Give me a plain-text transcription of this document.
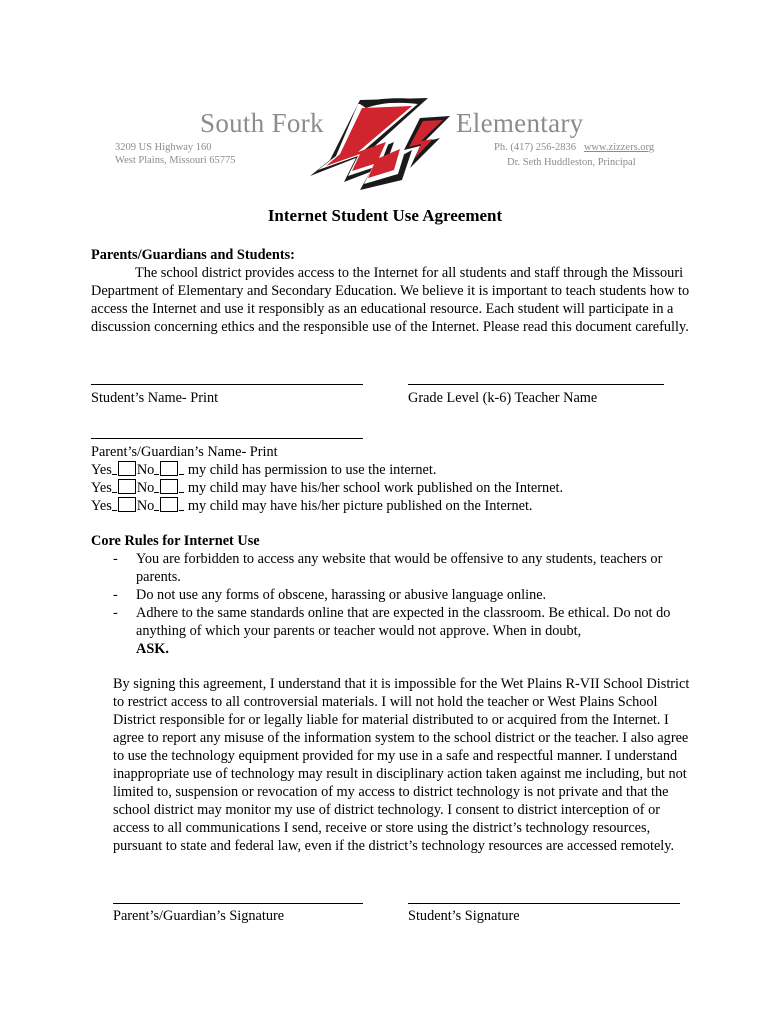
South Fork	Elementary
3209 US Highway 160
West Plains, Missouri 65775
Ph. (417) 256-2836 www.zizzers.org
Dr. Seth Huddleston, Principal
Internet Student Use Agreement
Parents/Guardians and Students:
The school district provides access to the Internet for all students and staff through the Missouri Department of Elementary and Secondary Education. We believe it is important to teach students how to access the Internet and use it responsibly as an educational resource. Each student will participate in a discussion concerning ethics and the responsible use of the Internet. Please read this document carefully.
Student’s Name- Print	Grade Level (k-6) Teacher Name
Parent’s/Guardian’s Name- Print
Yes No my child has permission to use the internet.
Yes No my child may have his/her school work published on the Internet.
Yes No my child may have his/her picture published on the Internet.
Core Rules for Internet Use
- You are forbidden to access any website that would be offensive to any students, teachers or parents.
- Do not use any forms of obscene, harassing or abusive language online.
- Adhere to the same standards online that are expected in the classroom. Be ethical. Do not do anything of which your parents or teacher would not approve. When in doubt,
ASK.
By signing this agreement, I understand that it is impossible for the Wet Plains R-VII School District to restrict access to all controversial materials. I will not hold the teacher or West Plains School District responsible for or legally liable for material distributed to or acquired from the Internet. I agree to report any misuse of the information system to the school district or the teacher. I also agree to use the technology equipment provided for my use in a safe and respectful manner. I understand inappropriate use of technology may result in disciplinary action taken against me including, but not limited to, suspension or revocation of my access to district technology is not private and that the school district may monitor my use of district technology. I consent to district interception of or access to all communications I send, receive or store using the district’s technology resources, pursuant to state and federal law, even if the district’s technology resources are accessed remotely.
Parent’s/Guardian’s Signature	Student’s Signature
